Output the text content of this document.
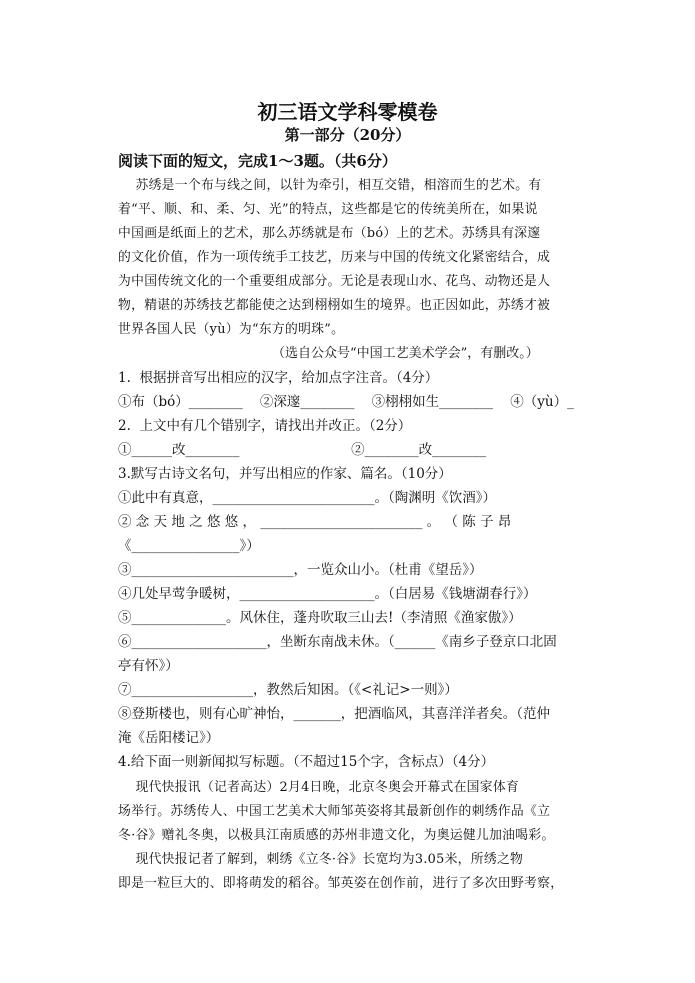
初三语文学科零模卷
第一部分（20分）
阅读下面的短文，完成1～3题。（共6分）
苏绣是一个布与线之间，以针为牵引，相互交错，相溶而生的艺术。有
着“平、顺、和、柔、匀、光”的特点，这些都是它的传统美所在，如果说
中国画是纸面上的艺术，那么苏绣就是布（bó）上的艺术。苏绣具有深邃
的文化价值，作为一项传统手工技艺，历来与中国的传统文化紧密结合，成
为中国传统文化的一个重要组成部分。无论是表现山水、花鸟、动物还是人
物，精谌的苏绣技艺都能使之达到栩栩如生的境界。也正因如此，苏绣才被
世界各国人民（yù）为“东方的明珠”。
（选自公众号“中国工艺美术学会”，有删改。）
1.  根据拼音写出相应的汉字，给加点字注音。（4分）
①布（bó）________    ②深邃________    ③栩栩如生________    ④（yù）_
2.  上文中有几个错别字，请找出并改正。（2分）
①______改________                          ②________改________
3.默写古诗文名句，并写出相应的作家、篇名。（10分）
①此中有真意，________________________。（陶渊明《饮酒》）
② 念 天 地 之 悠 悠 ， ________________________ 。 （ 陈 子 昂
《________________》）
③________________________，一览众山小。（杜甫《望岳》）
④几处早莺争暖树，____________________。（白居易《钱塘湖春行》）
⑤______________。风休住，蓬舟吹取三山去!（李清照《渔家傲》）
⑥____________________，坐断东南战未休。（______《南乡子登京口北固
亭有怀》）
⑦__________________，教然后知困。（《<礼记>一则》）
⑧登斯楼也，则有心旷神怡，_______，把酒临风，其喜洋洋者矣。（范仲
淹《岳阳楼记》）
4.给下面一则新闻拟写标题。（不超过15个字，含标点）（4分）
现代快报讯（记者高达）2月4日晚，北京冬奥会开幕式在国家体育
场举行。苏绣传人、中国工艺美术大师邹英姿将其最新创作的刺绣作品《立
冬·谷》赠礼冬奥，以极具江南质感的苏州非遗文化，为奥运健儿加油喝彩。
现代快报记者了解到，刺绣《立冬·谷》长宽均为3.05米，所绣之物
即是一粒巨大的、即将萌发的稻谷。邹英姿在创作前，进行了多次田野考察，
